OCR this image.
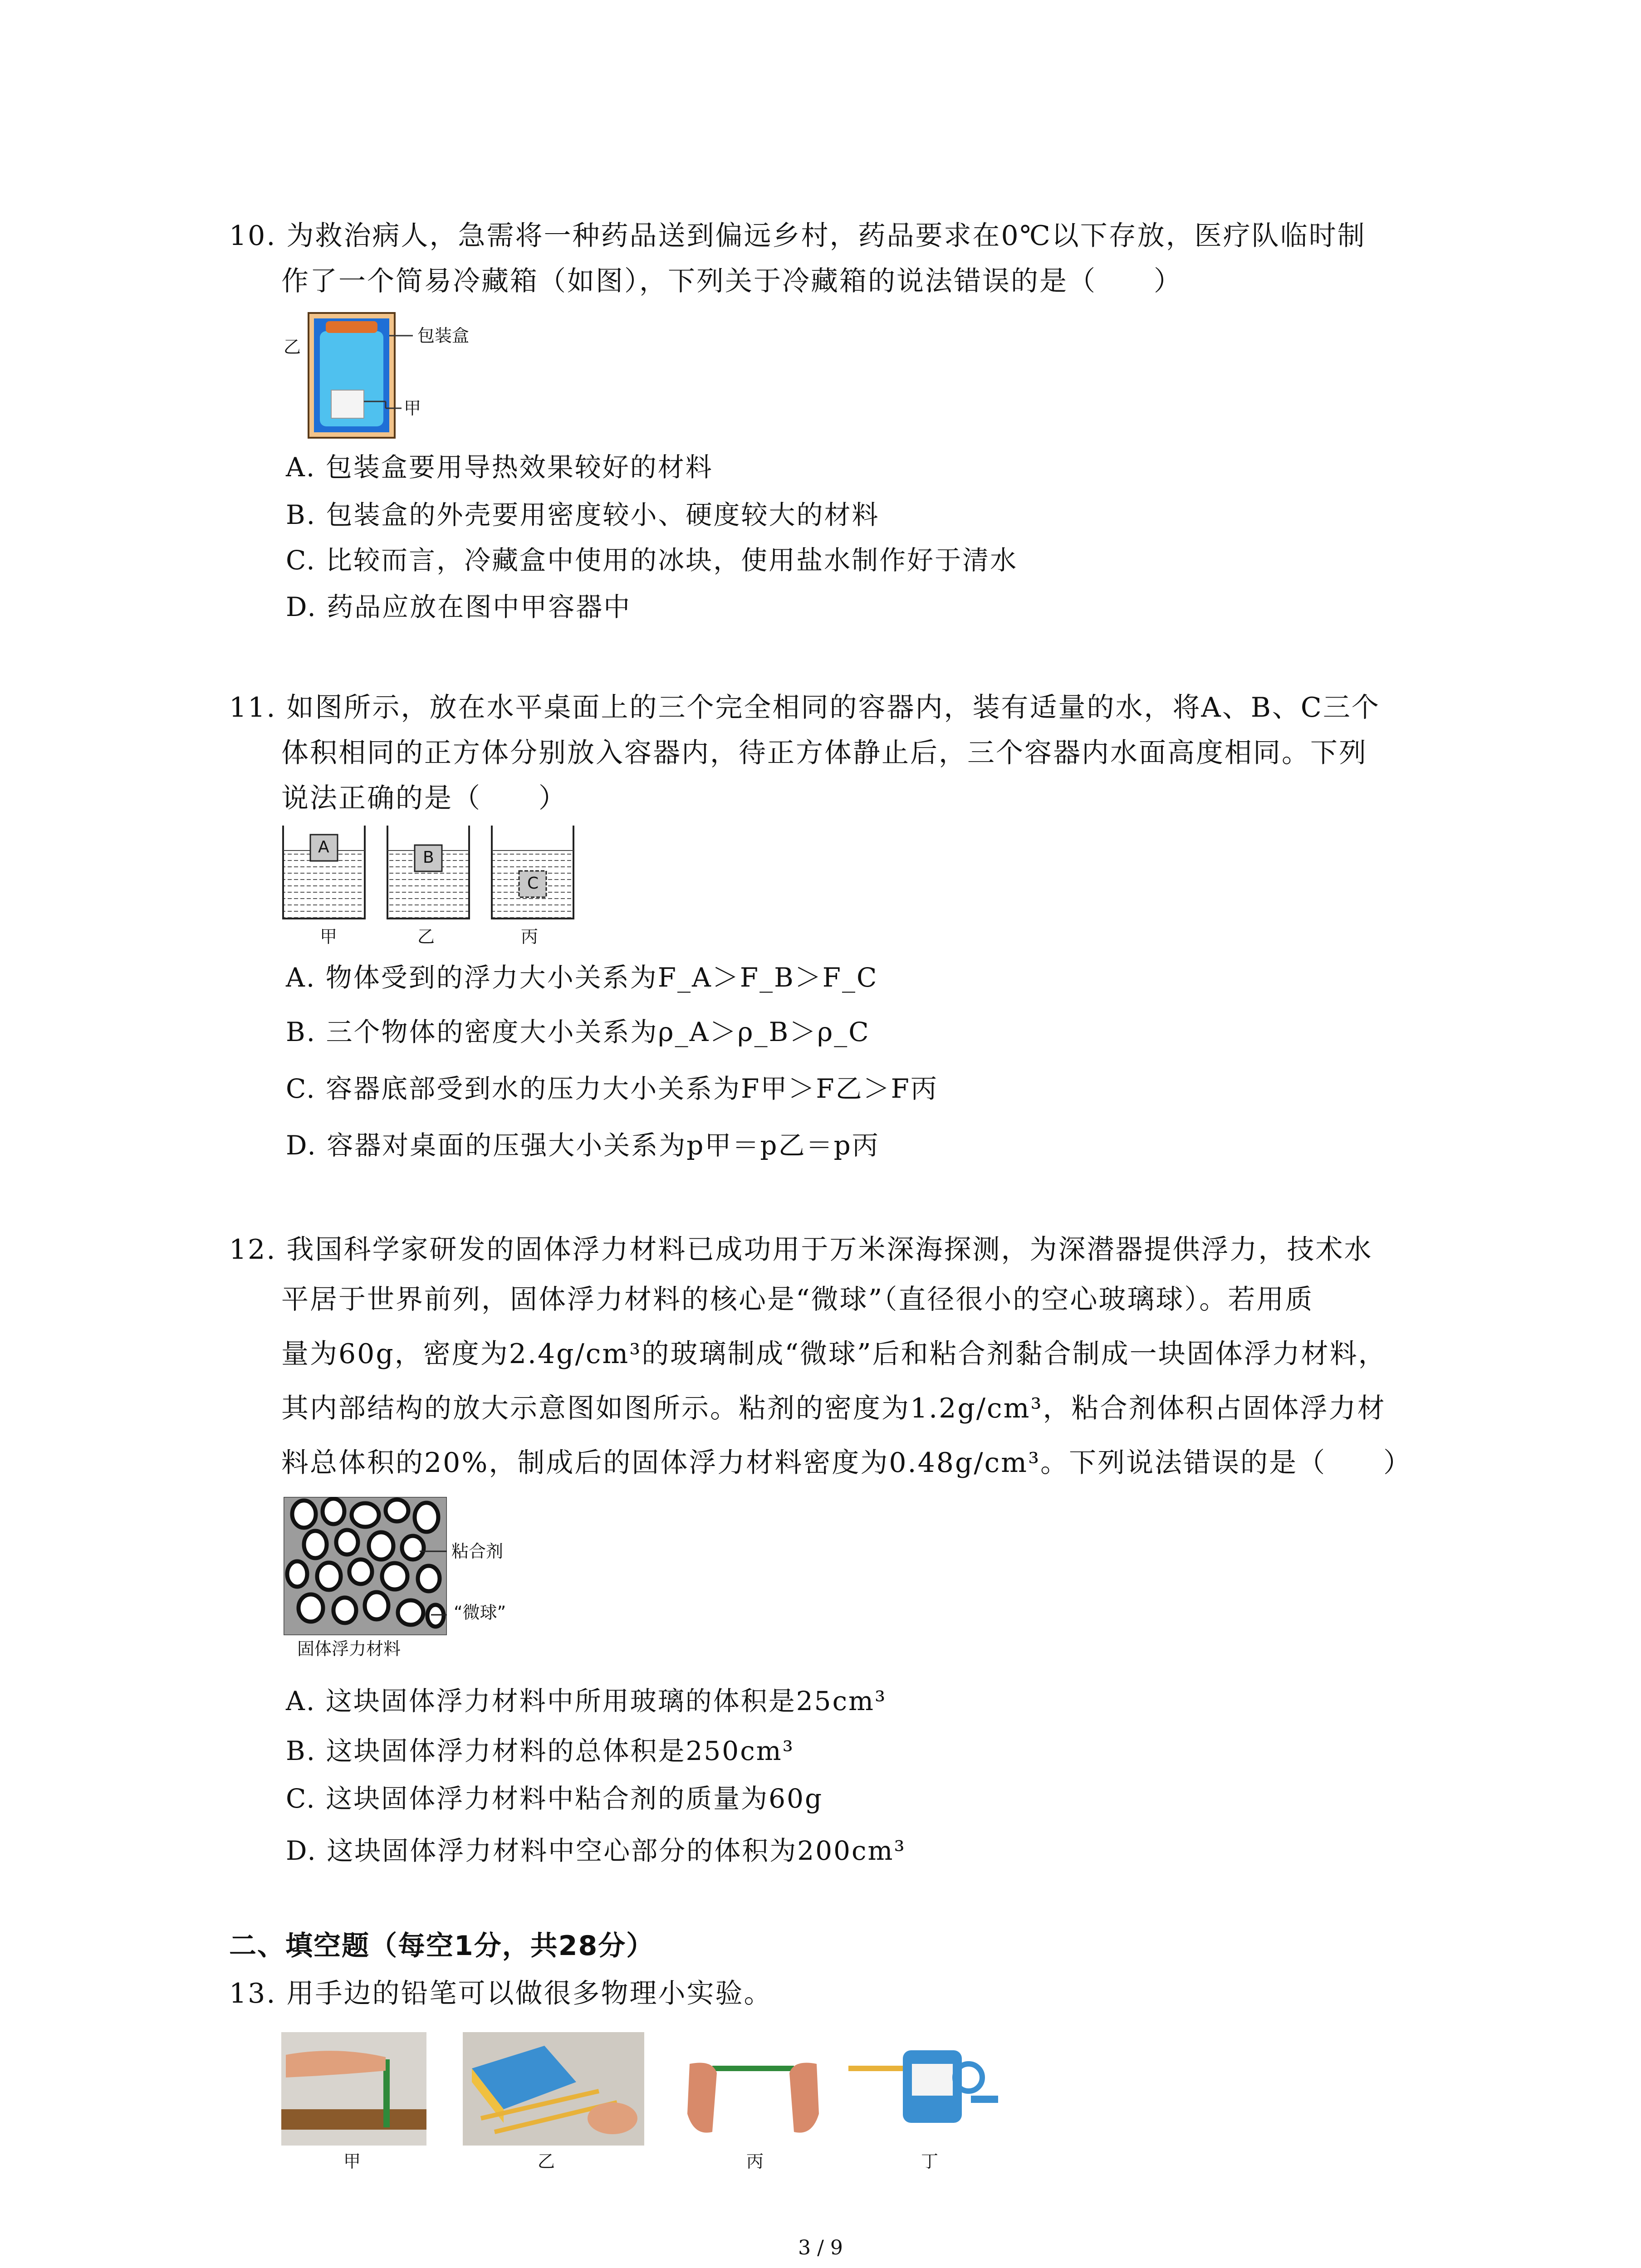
10. 为救治病人，急需将一种药品送到偏远乡村，药品要求在0℃以下存放，医疗队临时制
作了一个简易冷藏箱（如图），下列关于冷藏箱的说法错误的是（　　）
包装盒
乙
甲
A. 包装盒要用导热效果较好的材料
B. 包装盒的外壳要用密度较小、硬度较大的材料
C. 比较而言，冷藏盒中使用的冰块，使用盐水制作好于清水
D. 药品应放在图中甲容器中
11. 如图所示，放在水平桌面上的三个完全相同的容器内，装有适量的水，将A、B、C三个
体积相同的正方体分别放入容器内，待正方体静止后，三个容器内水面高度相同。下列
说法正确的是（　　）
A
B
C
甲	乙	丙
A. 物体受到的浮力大小关系为F_A＞F_B＞F_C
B. 三个物体的密度大小关系为ρ_A＞ρ_B＞ρ_C
C. 容器底部受到水的压力大小关系为F甲＞F乙＞F丙
D. 容器对桌面的压强大小关系为p甲＝p乙＝p丙
12. 我国科学家研发的固体浮力材料已成功用于万米深海探测，为深潜器提供浮力，技术水
平居于世界前列，固体浮力材料的核心是“微球”（直径很小的空心玻璃球）。若用质
量为60g，密度为2.4g/cm³的玻璃制成“微球”后和粘合剂黏合制成一块固体浮力材料，
其内部结构的放大示意图如图所示。粘剂的密度为1.2g/cm³，粘合剂体积占固体浮力材
料总体积的20%，制成后的固体浮力材料密度为0.48g/cm³。下列说法错误的是（　　）
粘合剂
“微球”
固体浮力材料
A. 这块固体浮力材料中所用玻璃的体积是25cm³
B. 这块固体浮力材料的总体积是250cm³
C. 这块固体浮力材料中粘合剂的质量为60g
D. 这块固体浮力材料中空心部分的体积为200cm³
二、填空题（每空1分，共28分）
13. 用手边的铅笔可以做很多物理小实验。
甲	乙	丙	丁
3 / 9
